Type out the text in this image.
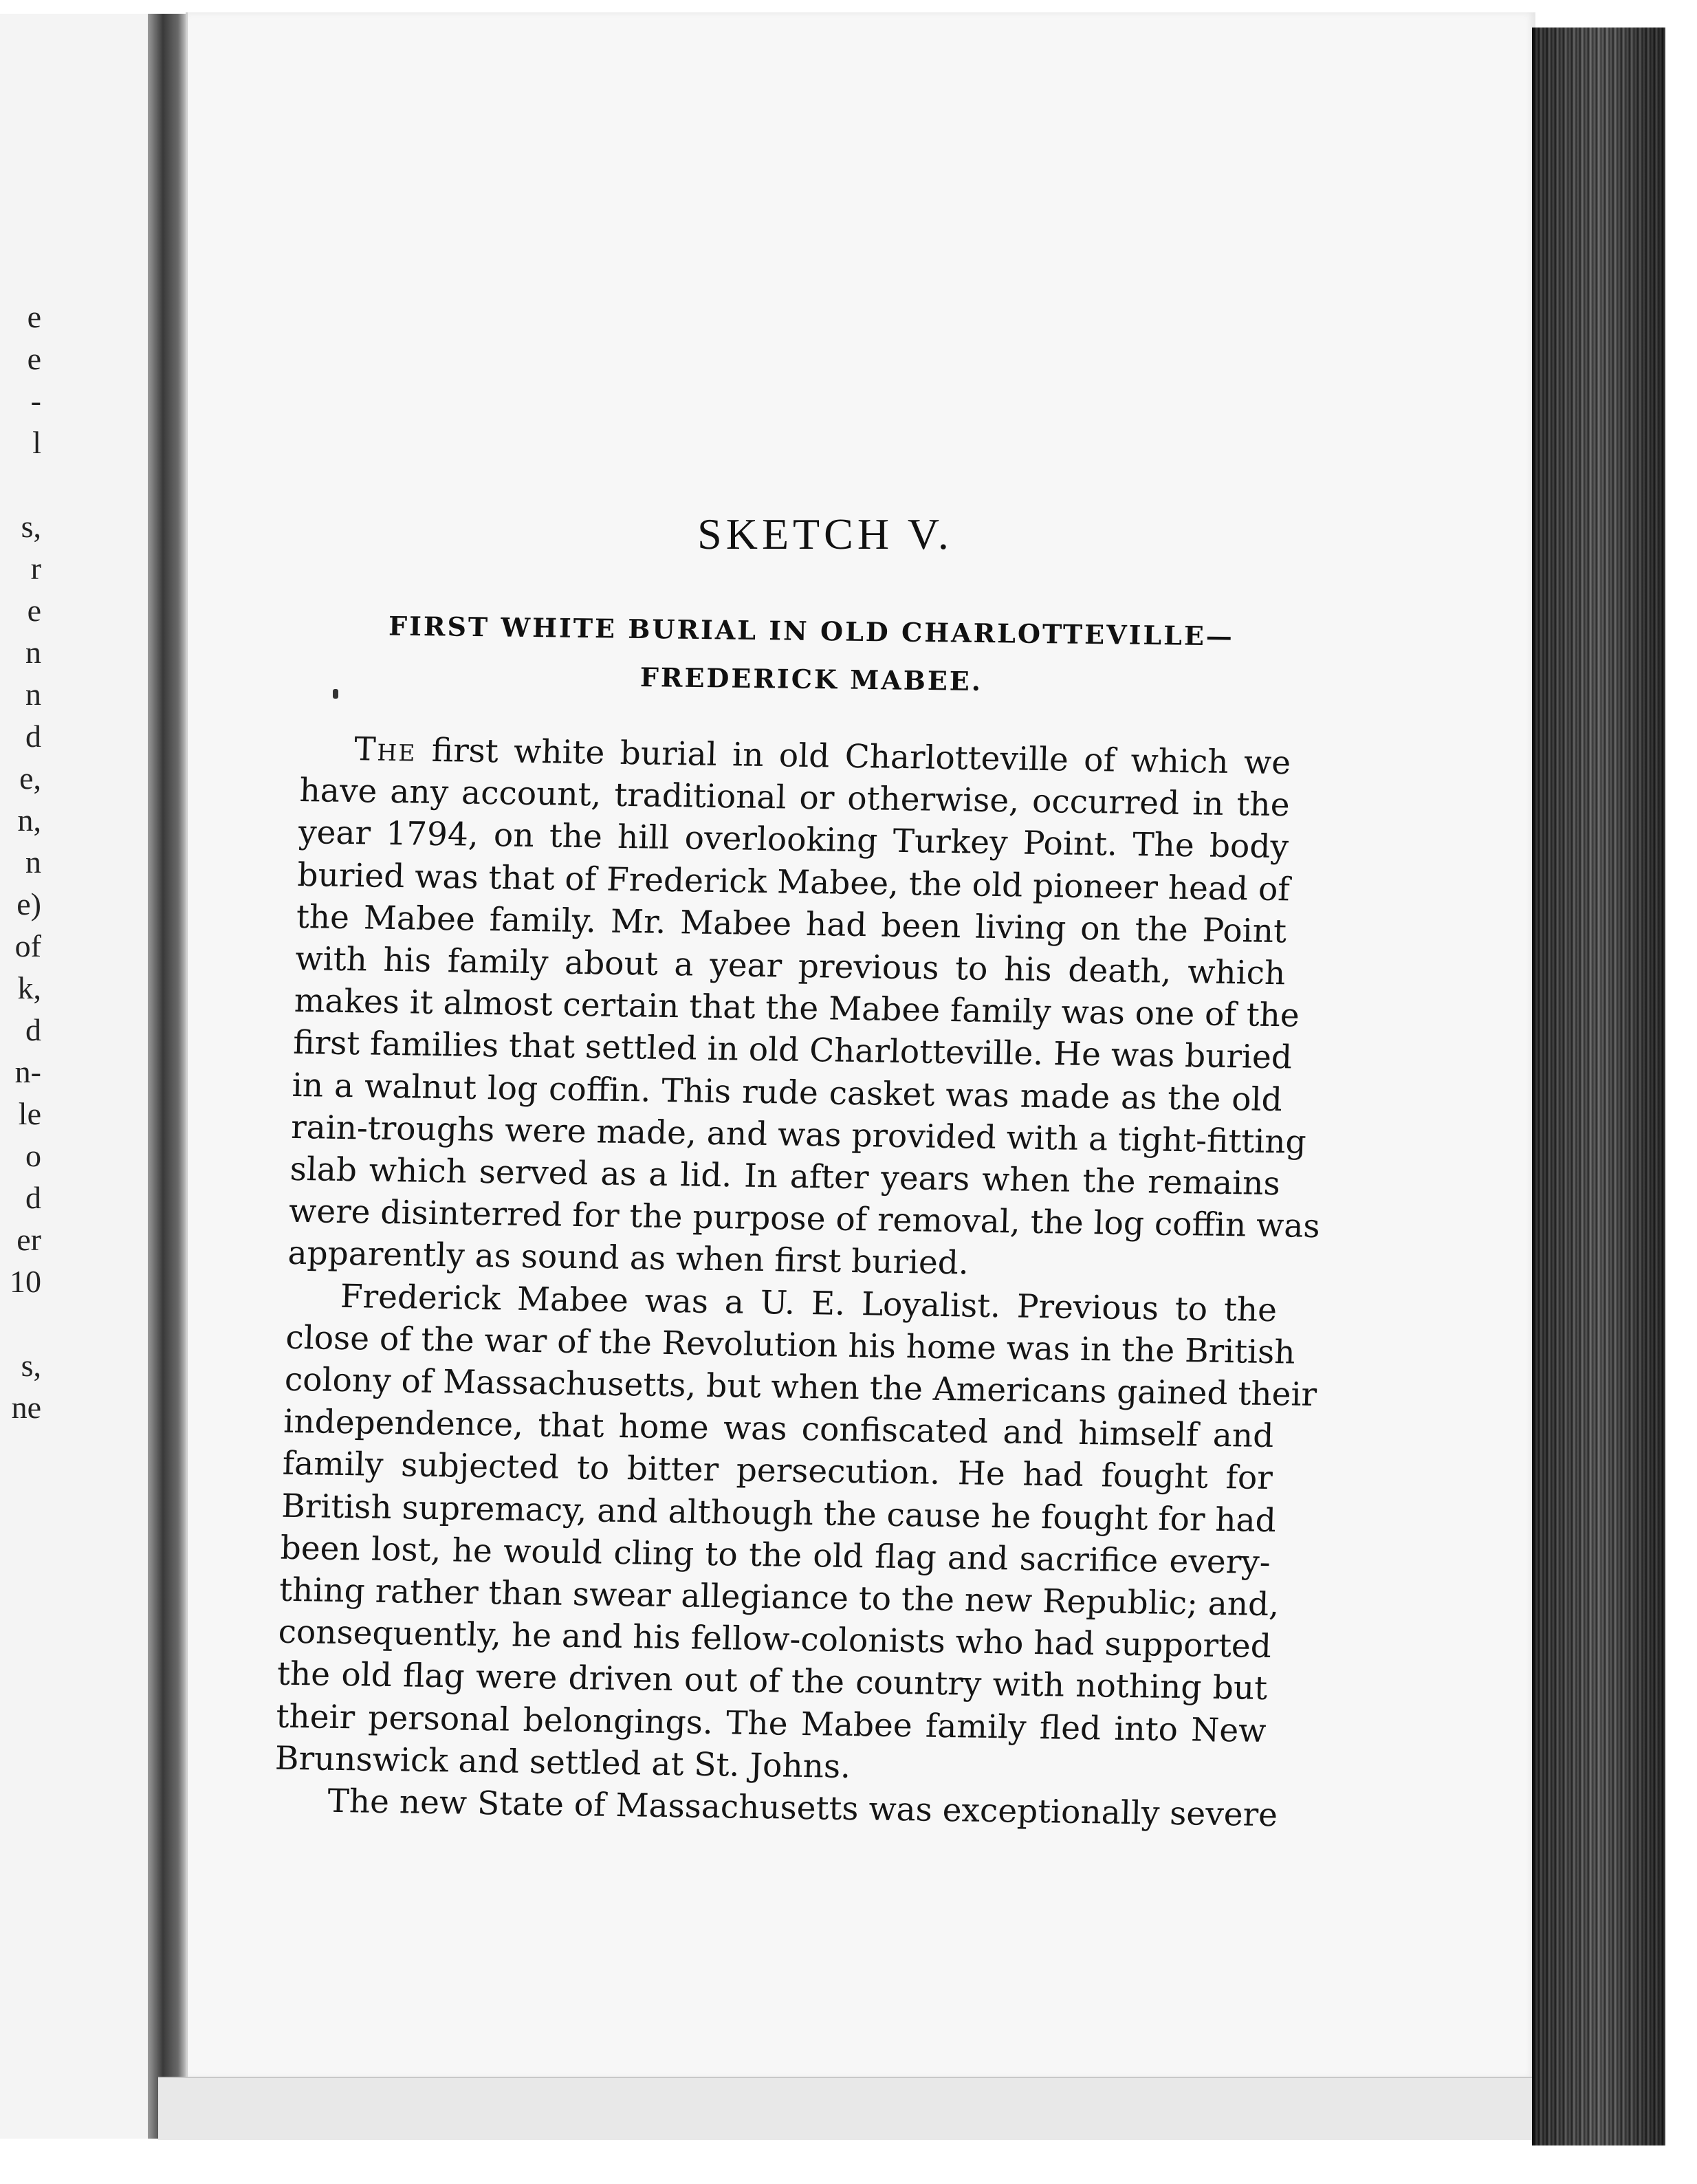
e
e
-
l
s,
r
e
n
n
d
e,
n,
n
e)
of
k,
d
n-
le
o
d
er
10
s,
ne
SKETCH V.
FIRST WHITE BURIAL IN OLD CHARLOTTEVILLE—
FREDERICK MABEE.

The first white burial in old Charlotteville of which we
have any account, traditional or otherwise, occurred in the
year 1794, on the hill overlooking Turkey Point. The body
buried was that of Frederick Mabee, the old pioneer head of
the Mabee family. Mr. Mabee had been living on the Point
with his family about a year previous to his death, which
makes it almost certain that the Mabee family was one of the
first families that settled in old Charlotteville. He was buried
in a walnut log coffin. This rude casket was made as the old
rain-troughs were made, and was provided with a tight-fitting
slab which served as a lid. In after years when the remains
were disinterred for the purpose of removal, the log coffin was
apparently as sound as when first buried.

Frederick Mabee was a U. E. Loyalist. Previous to the
close of the war of the Revolution his home was in the British
colony of Massachusetts, but when the Americans gained their
independence, that home was confiscated and himself and
family subjected to bitter persecution. He had fought for
British supremacy, and although the cause he fought for had
been lost, he would cling to the old flag and sacrifice every-
thing rather than swear allegiance to the new Republic; and,
consequently, he and his fellow-colonists who had supported
the old flag were driven out of the country with nothing but
their personal belongings. The Mabee family fled into New
Brunswick and settled at St. Johns.

The new State of Massachusetts was exceptionally severe
